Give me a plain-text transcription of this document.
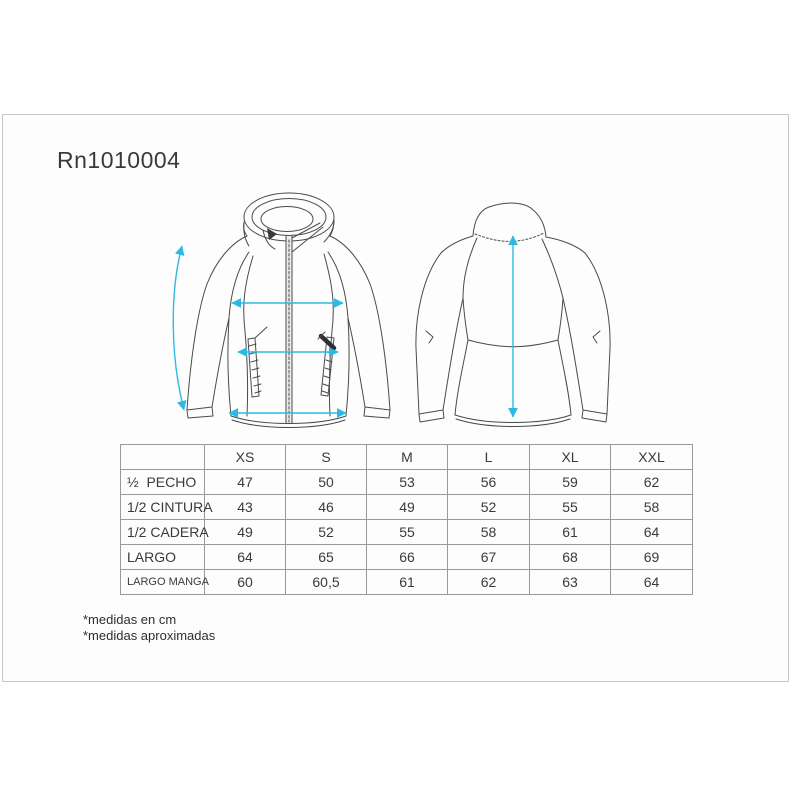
Rn1010004
	XS	S	M	L	XL	XXL
½  PECHO	47	50	53	56	59	62
1/2 CINTURA	43	46	49	52	55	58
1/2 CADERA	49	52	55	58	61	64
LARGO	64	65	66	67	68	69
LARGO MANGA	60	60,5	61	62	63	64
*medidas en cm
*medidas aproximadas
